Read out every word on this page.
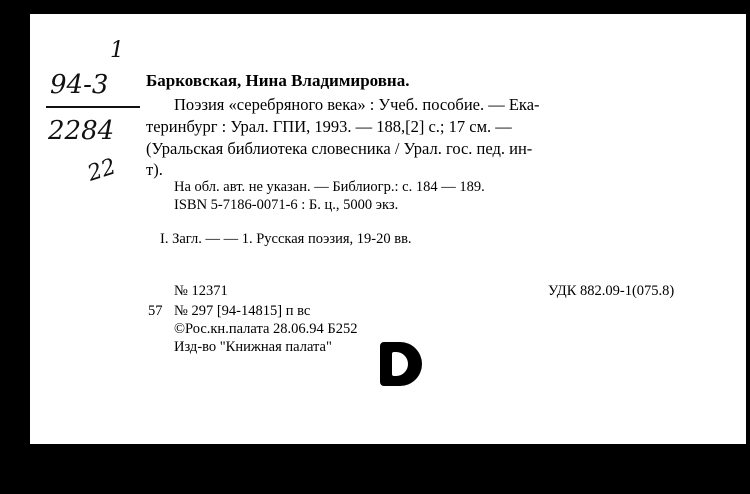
1
94-3
2284
22
Барковская, Нина Владимировна.
Поэзия «серебряного века» : Учеб. пособие. — Ека-
теринбург : Урал. ГПИ, 1993. — 188,[2] с.; 17 см. —
(Уральская библиотека словесника / Урал. гос. пед. ин-
т).
На обл. авт. не указан. — Библиогр.: с. 184 — 189.
ISBN 5-7186-0071-6 : Б. ц., 5000 экз.
I. Загл. — — 1. Русская поэзия, 19-20 вв.
№ 12371	УДК 882.09-1(075.8)
57 № 297 [94-14815] п вс
©Рос.кн.палата 28.06.94 Б252
Изд-во "Книжная палата"
